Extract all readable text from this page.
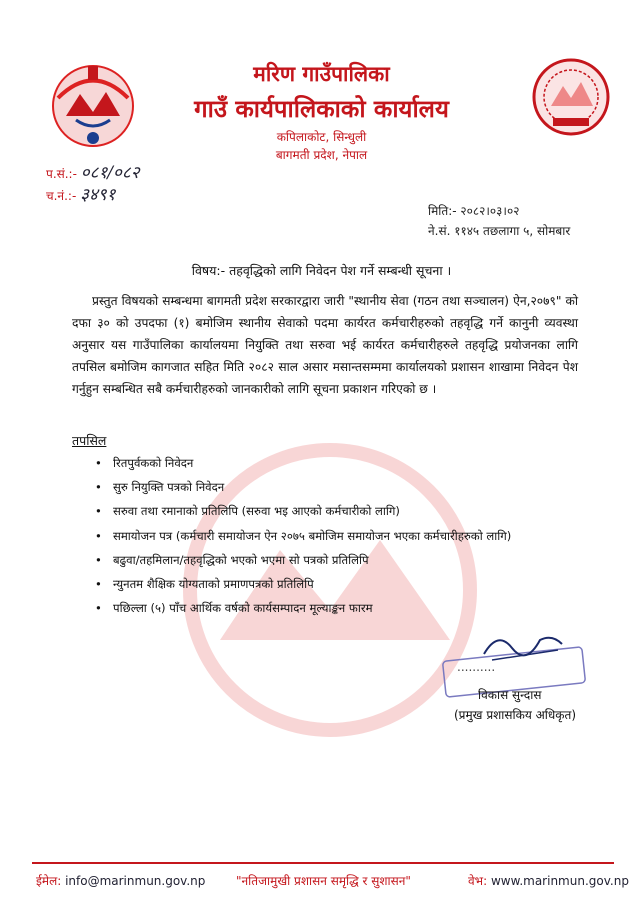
मरिण गाउँपालिका
गाउँ कार्यपालिकाको कार्यालय
कपिलाकोट, सिन्धुली
बागमती प्रदेश, नेपाल
प.सं.:- ०८१/०८२
च.नं.:- ३४९१
मिति:- २०८२।०३।०२
ने.सं. ११४५ तछलागा ५, सोमबार
विषय:- तहवृद्धिको लागि निवेदन पेश गर्ने सम्बन्धी सूचना ।
प्रस्तुत विषयको सम्बन्धमा बागमती प्रदेश सरकारद्वारा जारी "स्थानीय सेवा (गठन तथा सञ्चालन) ऐन,२०७९" को दफा ३० को उपदफा (१) बमोजिम स्थानीय सेवाको पदमा कार्यरत कर्मचारीहरुको तहवृद्धि गर्ने कानुनी व्यवस्था अनुसार यस गाउँपालिका कार्यालयमा नियुक्ति तथा सरुवा भई कार्यरत कर्मचारीहरुले तहवृद्धि प्रयोजनका लागि तपसिल बमोजिम कागजात सहित मिति २०८२ साल असार मसान्तसम्ममा कार्यालयको प्रशासन शाखामा निवेदन पेश गर्नुहुन सम्बन्धित सबै कर्मचारीहरुको जानकारीको लागि सूचना प्रकाशन गरिएको छ ।
तपसिल
• रितपुर्वकको निवेदन
• सुरु नियुक्ति पत्रको निवेदन
• सरुवा तथा रमानाको प्रतिलिपि (सरुवा भइ आएको कर्मचारीको लागि)
• समायोजन पत्र (कर्मचारी समायोजन ऐन २०७५ बमोजिम समायोजन भएका कर्मचारीहरुको लागि)
• बढुवा/तहमिलान/तहवृद्धिको भएको भएमा सो पत्रको प्रतिलिपि
• न्युनतम शैक्षिक योग्यताको प्रमाणपत्रको प्रतिलिपि
• पछिल्ला (५) पाँच आर्थिक वर्षको कार्यसम्पादन मूल्याङ्कन फारम
..........
विकास सुन्दास
(प्रमुख प्रशासकिय अधिकृत)
ईमेल: info@marinmun.gov.np	"नतिजामुखी प्रशासन समृद्धि र सुशासन"	वेभ: www.marinmun.gov.np
